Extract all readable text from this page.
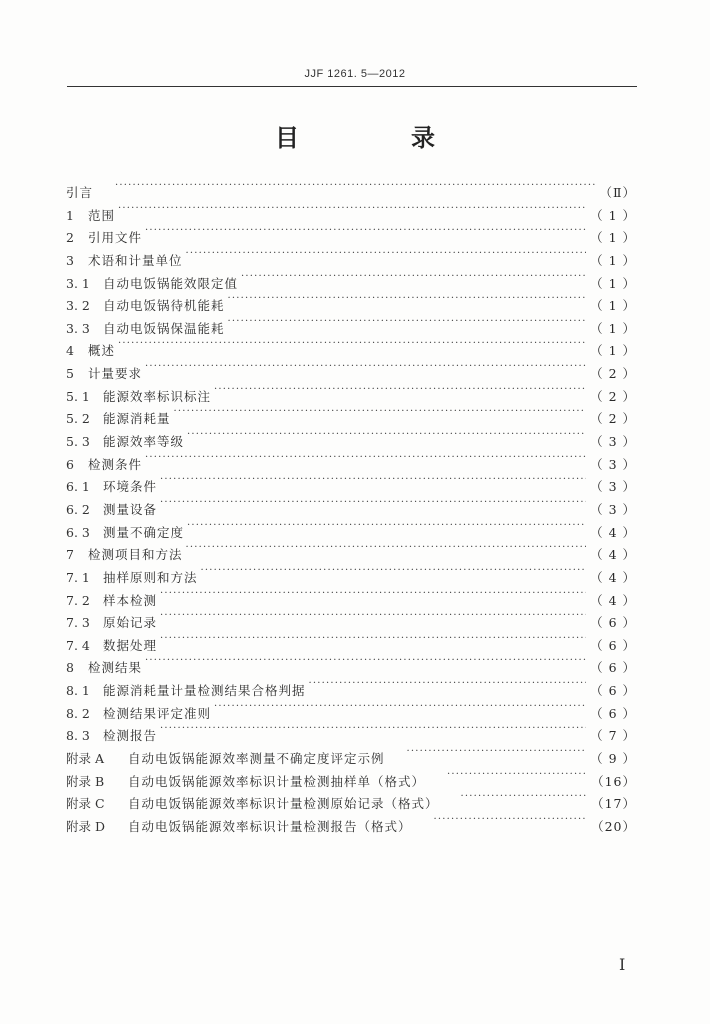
JJF 1261. 5—2012
目　录
引言 ·····	（Ⅱ）
1	范围 ·····	（ 1 ）
2	引用文件 ·····	（ 1 ）
3	术语和计量单位 ·····	（ 1 ）
3. 1	自动电饭锅能效限定值 ·····	（ 1 ）
3. 2	自动电饭锅待机能耗 ·····	（ 1 ）
3. 3	自动电饭锅保温能耗 ·····	（ 1 ）
4	概述 ·····	（ 1 ）
5	计量要求 ·····	（ 2 ）
5. 1	能源效率标识标注 ·····	（ 2 ）
5. 2	能源消耗量 ·····	（ 2 ）
5. 3	能源效率等级 ·····	（ 3 ）
6	检测条件 ·····	（ 3 ）
6. 1	环境条件 ·····	（ 3 ）
6. 2	测量设备 ·····	（ 3 ）
6. 3	测量不确定度 ·····	（ 4 ）
7	检测项目和方法 ·····	（ 4 ）
7. 1	抽样原则和方法 ·····	（ 4 ）
7. 2	样本检测 ·····	（ 4 ）
7. 3	原始记录 ·····	（ 6 ）
7. 4	数据处理 ·····	（ 6 ）
8	检测结果 ·····	（ 6 ）
8. 1	能源消耗量计量检测结果合格判据 ·····	（ 6 ）
8. 2	检测结果评定准则 ·····	（ 6 ）
8. 3	检测报告 ·····	（ 7 ）
附录 A	自动电饭锅能源效率测量不确定度评定示例 ·····	（ 9 ）
附录 B	自动电饭锅能源效率标识计量检测抽样单（格式） ·····	（16）
附录 C	自动电饭锅能源效率标识计量检测原始记录（格式） ·····	（17）
附录 D	自动电饭锅能源效率标识计量检测报告（格式） ·····	（20）
I
